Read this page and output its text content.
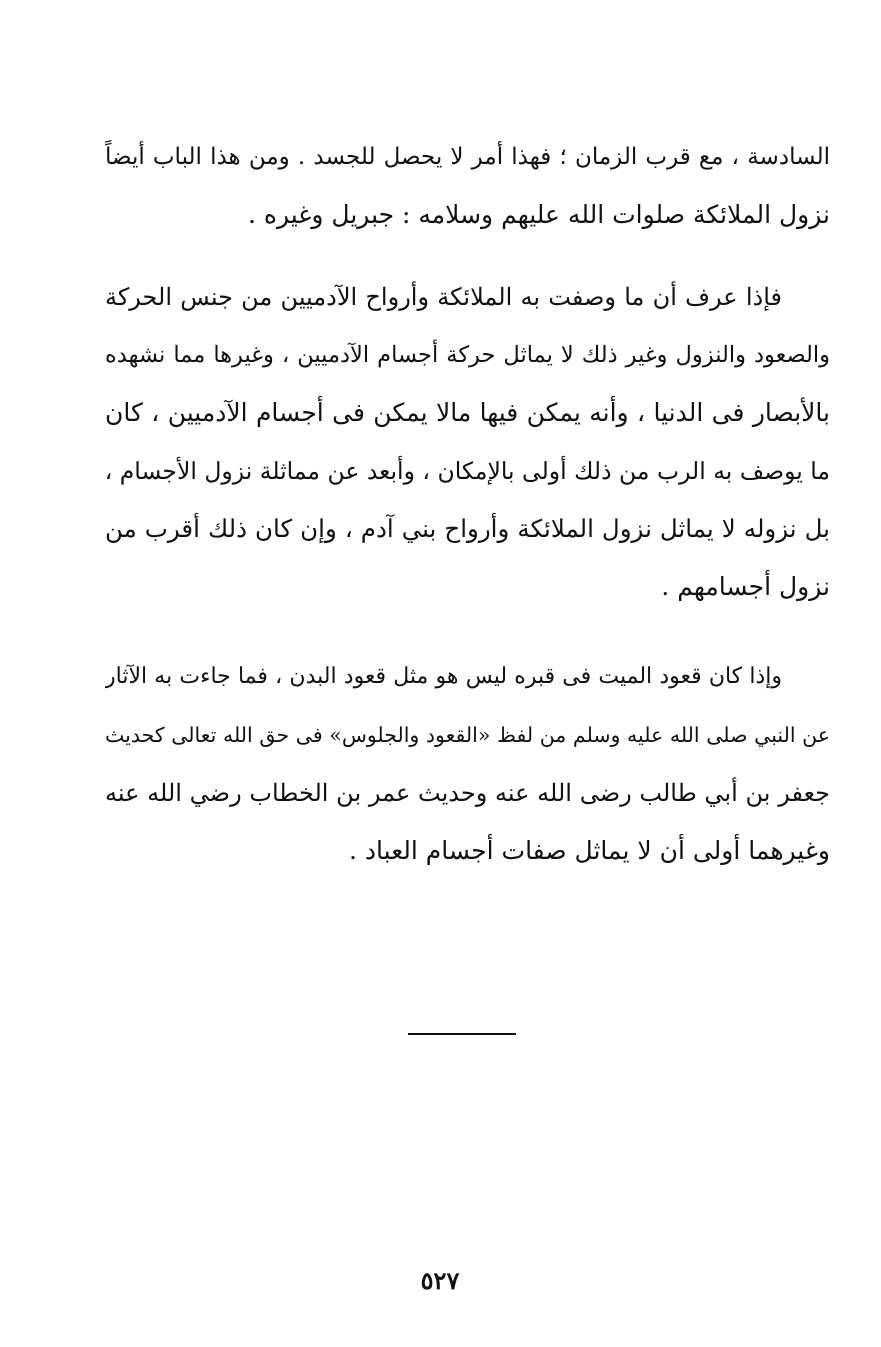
السادسة ، مع قرب الزمان ؛ فهذا أمر لا يحصل للجسد . ومن هذا الباب أيضاً
نزول الملائكة صلوات الله عليهم وسلامه : جبريل وغيره .
فإذا عرف أن ما وصفت به الملائكة وأرواح الآدميين من جنس الحركة
والصعود والنزول وغير ذلك لا يماثل حركة أجسام الآدميين ، وغيرها مما نشهده
بالأبصار فى الدنيا ، وأنه يمكن فيها مالا يمكن فى أجسام الآدميين ، كان
ما يوصف به الرب من ذلك أولى بالإمكان ، وأبعد عن مماثلة نزول الأجسام ،
بل نزوله لا يماثل نزول الملائكة وأرواح بني آدم ، وإن كان ذلك أقرب من
نزول أجسامهم .
وإذا كان قعود الميت فى قبره ليس هو مثل قعود البدن ، فما جاءت به الآثار
عن النبي صلى الله عليه وسلم من لفظ «القعود والجلوس» فى حق الله تعالى كحديث
جعفر بن أبي طالب رضى الله عنه وحديث عمر بن الخطاب رضي الله عنه
وغيرهما أولى أن لا يماثل صفات أجسام العباد .
٥٢٧
